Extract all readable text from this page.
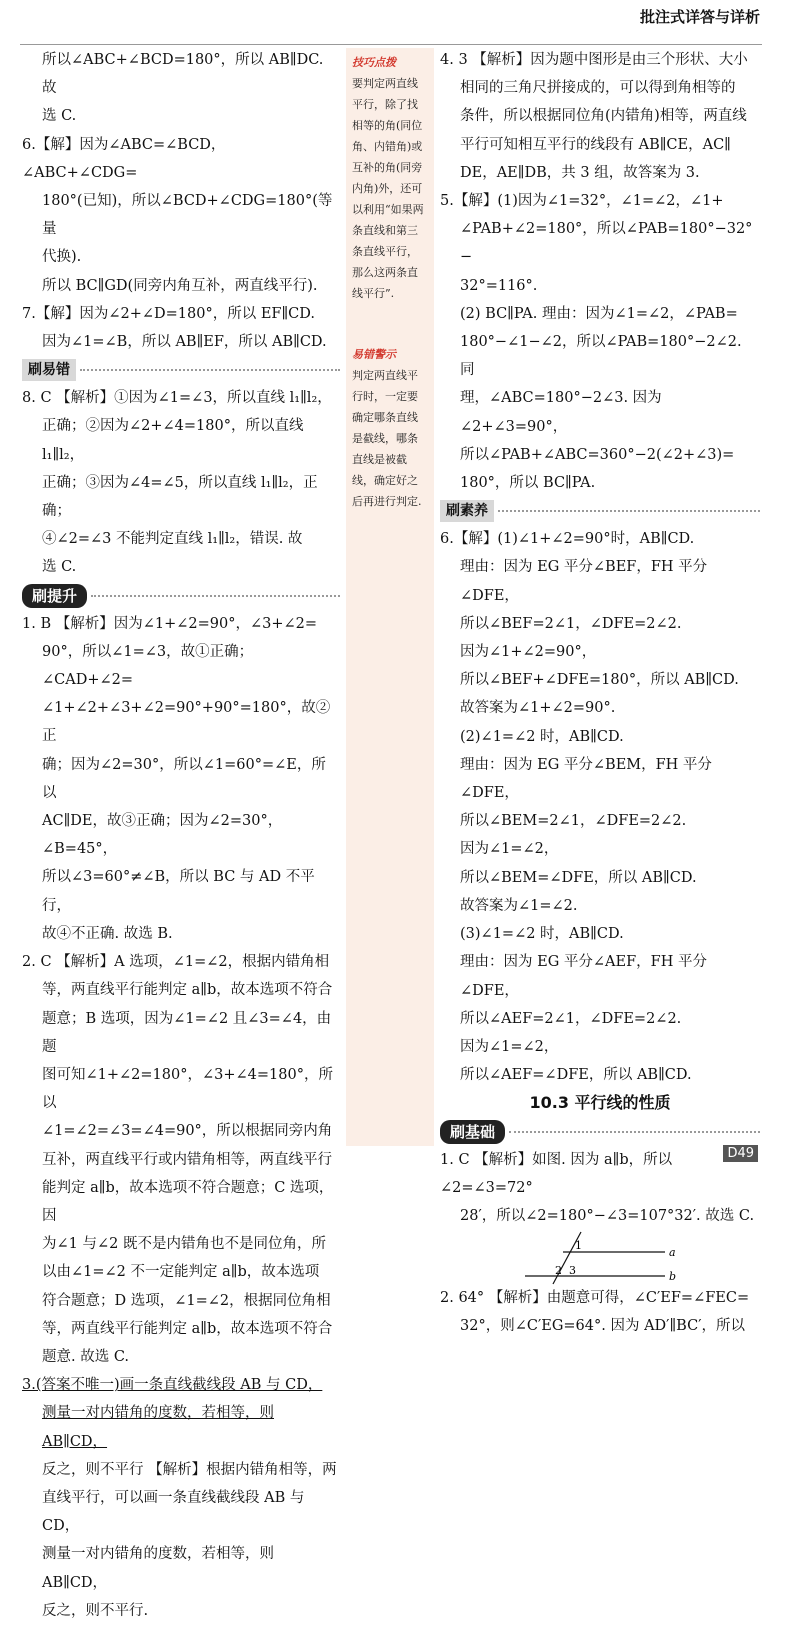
批注式详答与详析

所以∠ABC+∠BCD=180°，所以 AB∥DC. 故

选 C.

6.【解】因为∠ABC=∠BCD，∠ABC+∠CDG=

180°(已知)，所以∠BCD+∠CDG=180°(等量

代换).

所以 BC∥GD(同旁内角互补，两直线平行).

7.【解】因为∠2+∠D=180°，所以 EF∥CD.

因为∠1=∠B，所以 AB∥EF，所以 AB∥CD.

刷易错

8. C 【解析】①因为∠1=∠3，所以直线 l₁∥l₂，

正确；②因为∠2+∠4=180°，所以直线 l₁∥l₂，

正确；③因为∠4=∠5，所以直线 l₁∥l₂，正确；

④∠2=∠3 不能判定直线 l₁∥l₂，错误. 故

选 C.

刷提升

1. B 【解析】因为∠1+∠2=90°，∠3+∠2=

90°，所以∠1=∠3，故①正确；∠CAD+∠2=

∠1+∠2+∠3+∠2=90°+90°=180°，故②正

确；因为∠2=30°，所以∠1=60°=∠E，所以

AC∥DE，故③正确；因为∠2=30°，∠B=45°，

所以∠3=60°≠∠B，所以 BC 与 AD 不平行，

故④不正确. 故选 B.

2. C 【解析】A 选项，∠1=∠2，根据内错角相

等，两直线平行能判定 a∥b，故本选项不符合

题意；B 选项，因为∠1=∠2 且∠3=∠4，由题

图可知∠1+∠2=180°，∠3+∠4=180°，所以

∠1=∠2=∠3=∠4=90°，所以根据同旁内角

互补，两直线平行或内错角相等，两直线平行

能判定 a∥b，故本选项不符合题意；C 选项，因

为∠1 与∠2 既不是内错角也不是同位角，所

以由∠1=∠2 不一定能判定 a∥b，故本选项

符合题意；D 选项，∠1=∠2，根据同位角相

等，两直线平行能判定 a∥b，故本选项不符合

题意. 故选 C.

3.(答案不唯一)画一条直线截线段 AB 与 CD，

测量一对内错角的度数，若相等，则 AB∥CD，

反之，则不平行 【解析】根据内错角相等，两

直线平行，可以画一条直线截线段 AB 与 CD，

测量一对内错角的度数，若相等，则 AB∥CD，

反之，则不平行.

技巧点拨

要判定两直线平行，除了找相等的角(同位角、内错角)或互补的角(同旁内角)外，还可以利用“如果两条直线和第三条直线平行，那么这两条直线平行”.

易错警示

判定两直线平行时，一定要确定哪条直线是截线，哪条直线是被截线，确定好之后再进行判定.

4. 3 【解析】因为题中图形是由三个形状、大小

相同的三角尺拼接成的，可以得到角相等的

条件，所以根据同位角(内错角)相等，两直线

平行可知相互平行的线段有 AB∥CE，AC∥

DE，AE∥DB，共 3 组，故答案为 3.

5.【解】(1)因为∠1=32°，∠1=∠2，∠1+

∠PAB+∠2=180°，所以∠PAB=180°−32°−

32°=116°.

(2) BC∥PA. 理由：因为∠1=∠2，∠PAB=

180°−∠1−∠2，所以∠PAB=180°−2∠2. 同

理，∠ABC=180°−2∠3. 因为∠2+∠3=90°，

所以∠PAB+∠ABC=360°−2(∠2+∠3)=

180°，所以 BC∥PA.

刷素养

6.【解】(1)∠1+∠2=90°时，AB∥CD.

理由：因为 EG 平分∠BEF，FH 平分∠DFE，

所以∠BEF=2∠1，∠DFE=2∠2.

因为∠1+∠2=90°，

所以∠BEF+∠DFE=180°，所以 AB∥CD.

故答案为∠1+∠2=90°.

(2)∠1=∠2 时，AB∥CD.

理由：因为 EG 平分∠BEM，FH 平分∠DFE，

所以∠BEM=2∠1，∠DFE=2∠2.

因为∠1=∠2，

所以∠BEM=∠DFE，所以 AB∥CD.

故答案为∠1=∠2.

(3)∠1=∠2 时，AB∥CD.

理由：因为 EG 平分∠AEF，FH 平分∠DFE，

所以∠AEF=2∠1，∠DFE=2∠2.

因为∠1=∠2，

所以∠AEF=∠DFE，所以 AB∥CD.

10.3 平行线的性质

刷基础

1. C 【解析】如图. 因为 a∥b，所以∠2=∠3=72°

28′，所以∠2=180°−∠3=107°32′. 故选 C.

1
2 3
a
b

2. 64° 【解析】由题意可得，∠C′EF=∠FEC=

32°，则∠C′EG=64°. 因为 AD′∥BC′，所以

D49
